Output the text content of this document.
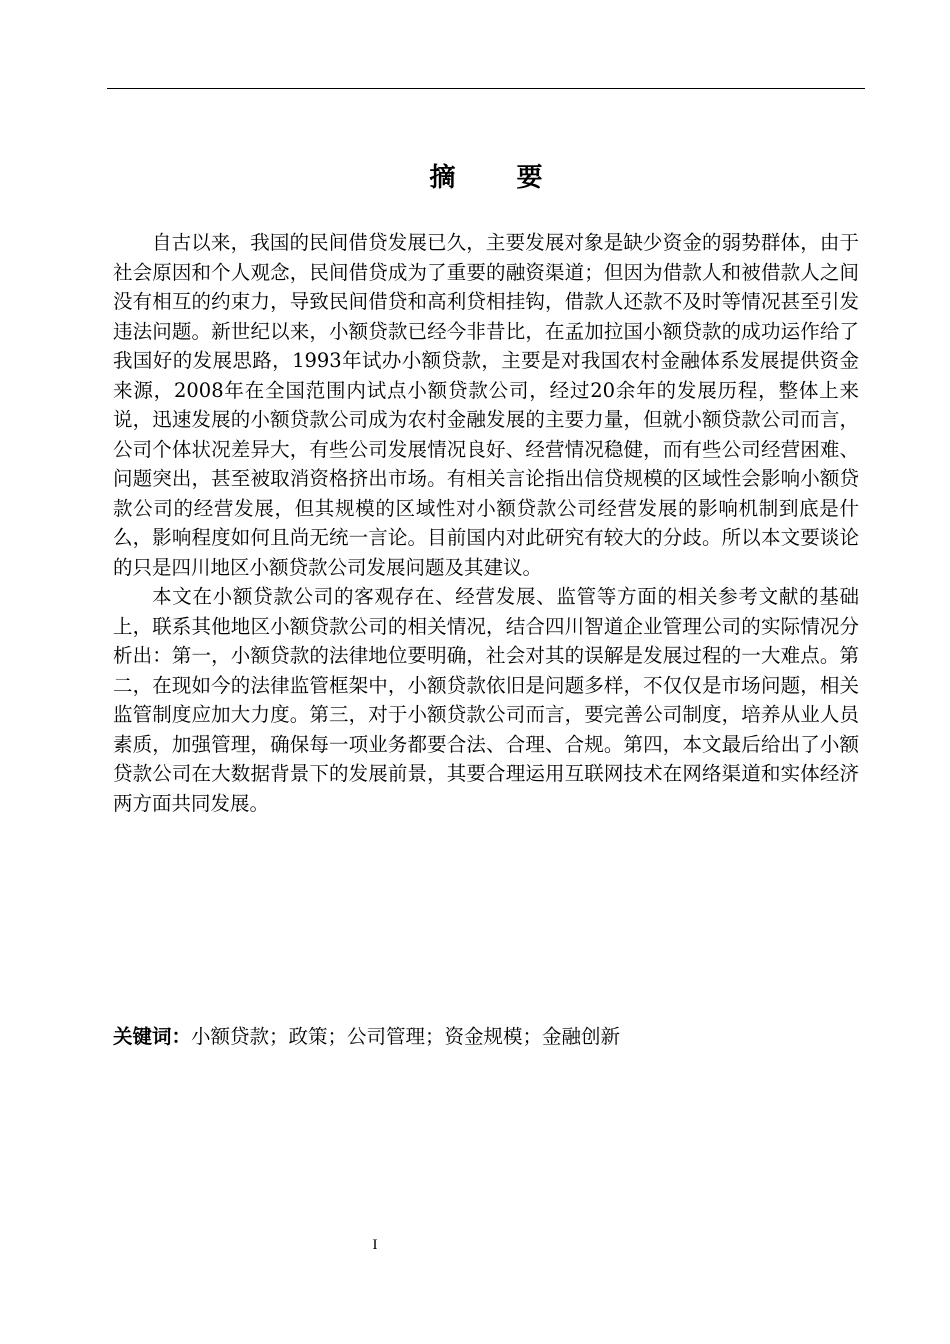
摘 要

自古以来，我国的民间借贷发展已久，主要发展对象是缺少资金的弱势群体，由于社会原因和个人观念，民间借贷成为了重要的融资渠道；但因为借款人和被借款人之间没有相互的约束力，导致民间借贷和高利贷相挂钩，借款人还款不及时等情况甚至引发违法问题。新世纪以来，小额贷款已经今非昔比，在孟加拉国小额贷款的成功运作给了我国好的发展思路，1993年试办小额贷款，主要是对我国农村金融体系发展提供资金来源，2008年在全国范围内试点小额贷款公司，经过20余年的发展历程，整体上来说，迅速发展的小额贷款公司成为农村金融发展的主要力量，但就小额贷款公司而言，公司个体状况差异大，有些公司发展情况良好、经营情况稳健，而有些公司经营困难、问题突出，甚至被取消资格挤出市场。有相关言论指出信贷规模的区域性会影响小额贷款公司的经营发展，但其规模的区域性对小额贷款公司经营发展的影响机制到底是什么，影响程度如何且尚无统一言论。目前国内对此研究有较大的分歧。所以本文要谈论的只是四川地区小额贷款公司发展问题及其建议。

本文在小额贷款公司的客观存在、经营发展、监管等方面的相关参考文献的基础上，联系其他地区小额贷款公司的相关情况，结合四川智道企业管理公司的实际情况分析出：第一，小额贷款的法律地位要明确，社会对其的误解是发展过程的一大难点。第二，在现如今的法律监管框架中，小额贷款依旧是问题多样，不仅仅是市场问题，相关监管制度应加大力度。第三，对于小额贷款公司而言，要完善公司制度，培养从业人员素质，加强管理，确保每一项业务都要合法、合理、合规。第四，本文最后给出了小额贷款公司在大数据背景下的发展前景，其要合理运用互联网技术在网络渠道和实体经济两方面共同发展。

关键词：小额贷款；政策；公司管理；资金规模；金融创新
I
